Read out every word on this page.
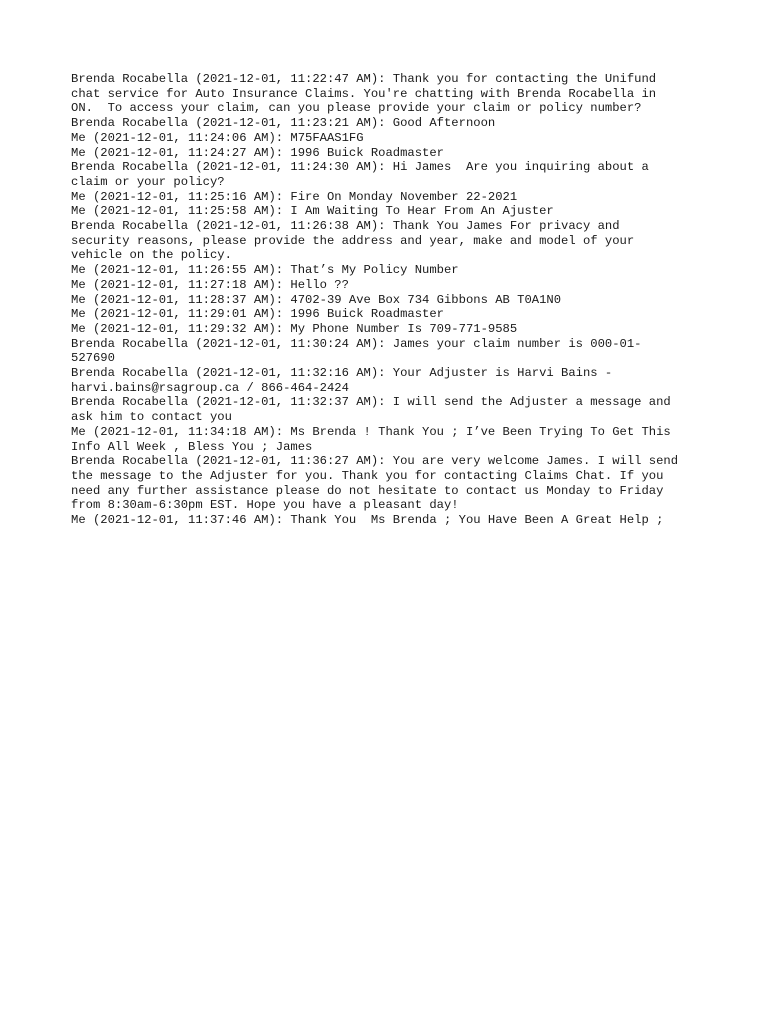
Brenda Rocabella (2021-12-01, 11:22:47 AM): Thank you for contacting the Unifund
chat service for Auto Insurance Claims. You're chatting with Brenda Rocabella in
ON.  To access your claim, can you please provide your claim or policy number?
Brenda Rocabella (2021-12-01, 11:23:21 AM): Good Afternoon
Me (2021-12-01, 11:24:06 AM): M75FAAS1FG
Me (2021-12-01, 11:24:27 AM): 1996 Buick Roadmaster
Brenda Rocabella (2021-12-01, 11:24:30 AM): Hi James  Are you inquiring about a
claim or your policy?
Me (2021-12-01, 11:25:16 AM): Fire On Monday November 22-2021
Me (2021-12-01, 11:25:58 AM): I Am Waiting To Hear From An Ajuster
Brenda Rocabella (2021-12-01, 11:26:38 AM): Thank You James For privacy and
security reasons, please provide the address and year, make and model of your
vehicle on the policy.
Me (2021-12-01, 11:26:55 AM): That’s My Policy Number
Me (2021-12-01, 11:27:18 AM): Hello ??
Me (2021-12-01, 11:28:37 AM): 4702-39 Ave Box 734 Gibbons AB T0A1N0
Me (2021-12-01, 11:29:01 AM): 1996 Buick Roadmaster
Me (2021-12-01, 11:29:32 AM): My Phone Number Is 709-771-9585
Brenda Rocabella (2021-12-01, 11:30:24 AM): James your claim number is 000-01-
527690
Brenda Rocabella (2021-12-01, 11:32:16 AM): Your Adjuster is Harvi Bains -
harvi.bains@rsagroup.ca / 866-464-2424
Brenda Rocabella (2021-12-01, 11:32:37 AM): I will send the Adjuster a message and
ask him to contact you
Me (2021-12-01, 11:34:18 AM): Ms Brenda ! Thank You ; I’ve Been Trying To Get This
Info All Week , Bless You ; James
Brenda Rocabella (2021-12-01, 11:36:27 AM): You are very welcome James. I will send
the message to the Adjuster for you. Thank you for contacting Claims Chat. If you
need any further assistance please do not hesitate to contact us Monday to Friday
from 8:30am-6:30pm EST. Hope you have a pleasant day!
Me (2021-12-01, 11:37:46 AM): Thank You  Ms Brenda ; You Have Been A Great Help ;
